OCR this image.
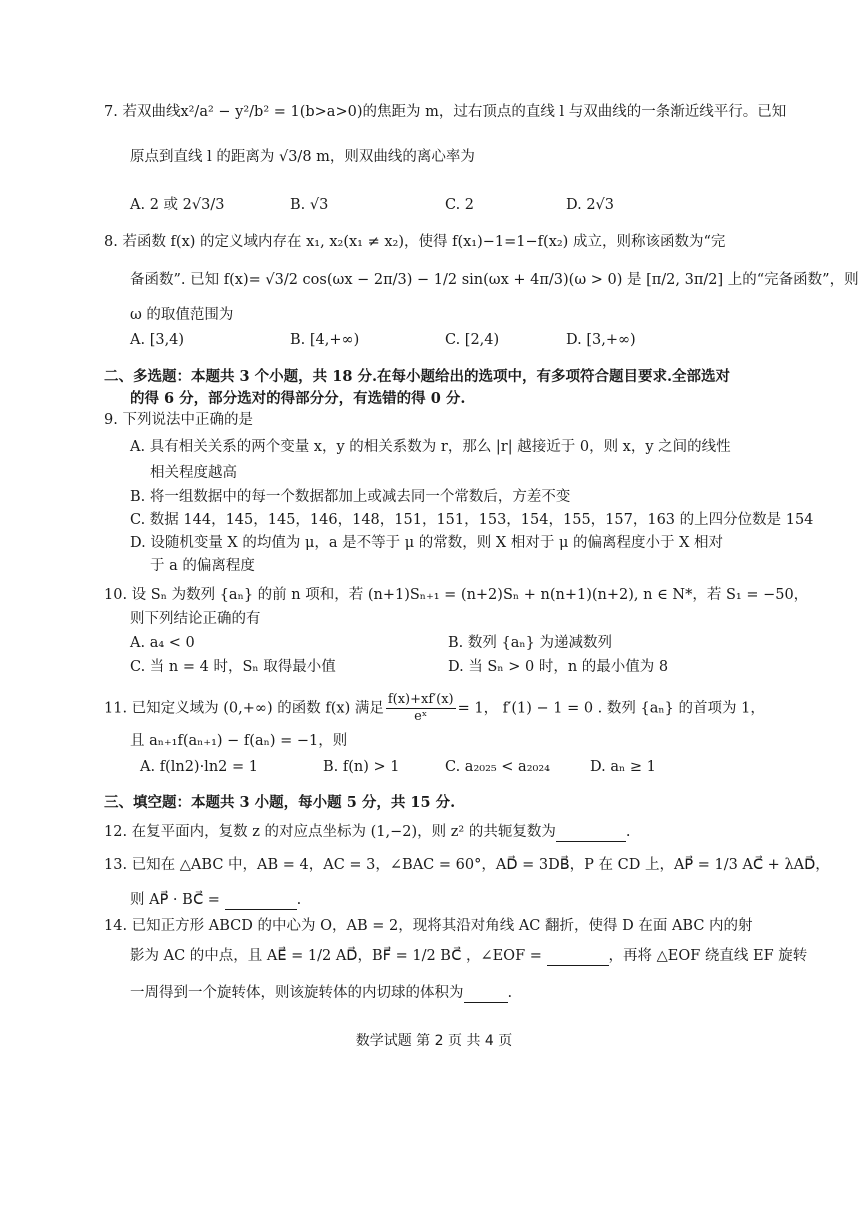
7. 若双曲线x²/a² − y²/b² = 1(b>a>0)的焦距为 m，过右顶点的直线 l 与双曲线的一条渐近线平行。已知
原点到直线 l 的距离为 √3/8 m，则双曲线的离心率为
A. 2 或 2√3/3	B. √3	C. 2	D. 2√3
8. 若函数 f(x) 的定义域内存在 x₁, x₂(x₁ ≠ x₂)，使得 f(x₁)−1=1−f(x₂) 成立，则称该函数为“完
备函数”. 已知 f(x)= √3/2 cos(ωx − 2π/3) − 1/2 sin(ωx + 4π/3)(ω > 0) 是 [π/2, 3π/2] 上的“完备函数”，则
ω 的取值范围为
A. [3,4)	B. [4,+∞)	C. [2,4)	D. [3,+∞)
二、多选题：本题共 3 个小题，共 18 分.在每小题给出的选项中，有多项符合题目要求.全部选对
的得 6 分，部分选对的得部分分，有选错的得 0 分.
9. 下列说法中正确的是
A. 具有相关关系的两个变量 x，y 的相关系数为 r，那么 |r| 越接近于 0，则 x，y 之间的线性
相关程度越高
B. 将一组数据中的每一个数据都加上或减去同一个常数后，方差不变
C. 数据 144，145，145，146，148，151，151，153，154，155，157，163 的上四分位数是 154
D. 设随机变量 X 的均值为 μ，a 是不等于 μ 的常数，则 X 相对于 μ 的偏离程度小于 X 相对
于 a 的偏离程度
10. 设 Sₙ 为数列 {aₙ} 的前 n 项和，若 (n+1)Sₙ₊₁ = (n+2)Sₙ + n(n+1)(n+2), n ∈ N*，若 S₁ = −50，
则下列结论正确的有
A. a₄ < 0	B. 数列 {aₙ} 为递减数列
C. 当 n = 4 时，Sₙ 取得最小值	D. 当 Sₙ > 0 时，n 的最小值为 8
11. 已知定义域为 (0,+∞) 的函数 f(x) 满足 $\frac{f(x)+xf'(x)}{\text{eˣ}} = 1$， f′(1) − 1 = 0 . 数列 {aₙ} 的首项为 1，
且 aₙ₊₁f(aₙ₊₁) − f(aₙ) = −1，则
A. f(ln2)·ln2 = 1	B. f(n) > 1	C. a₂₀₂₅ < a₂₀₂₄	D. aₙ ≥ 1
三、填空题：本题共 3 小题，每小题 5 分，共 15 分.
12. 在复平面内，复数 z 的对应点坐标为 (1,−2)，则 z² 的共轭复数为	.
13. 已知在 △ABC 中，AB = 4，AC = 3，∠BAC = 60°，AD⃗ = 3DB⃗，P 在 CD 上，AP⃗ = 1/3 AC⃗ + λAD⃗，
则 AP⃗ · BC⃗ =	.
14. 已知正方形 ABCD 的中心为 O，AB = 2，现将其沿对角线 AC 翻折，使得 D 在面 ABC 内的射
影为 AC 的中点，且 AE⃗ = 1/2 AD⃗，BF⃗ = 1/2 BC⃗ ，∠EOF =	，再将 △EOF 绕直线 EF 旋转
一周得到一个旋转体，则该旋转体的内切球的体积为	.
数学试题 第 2 页 共 4 页
